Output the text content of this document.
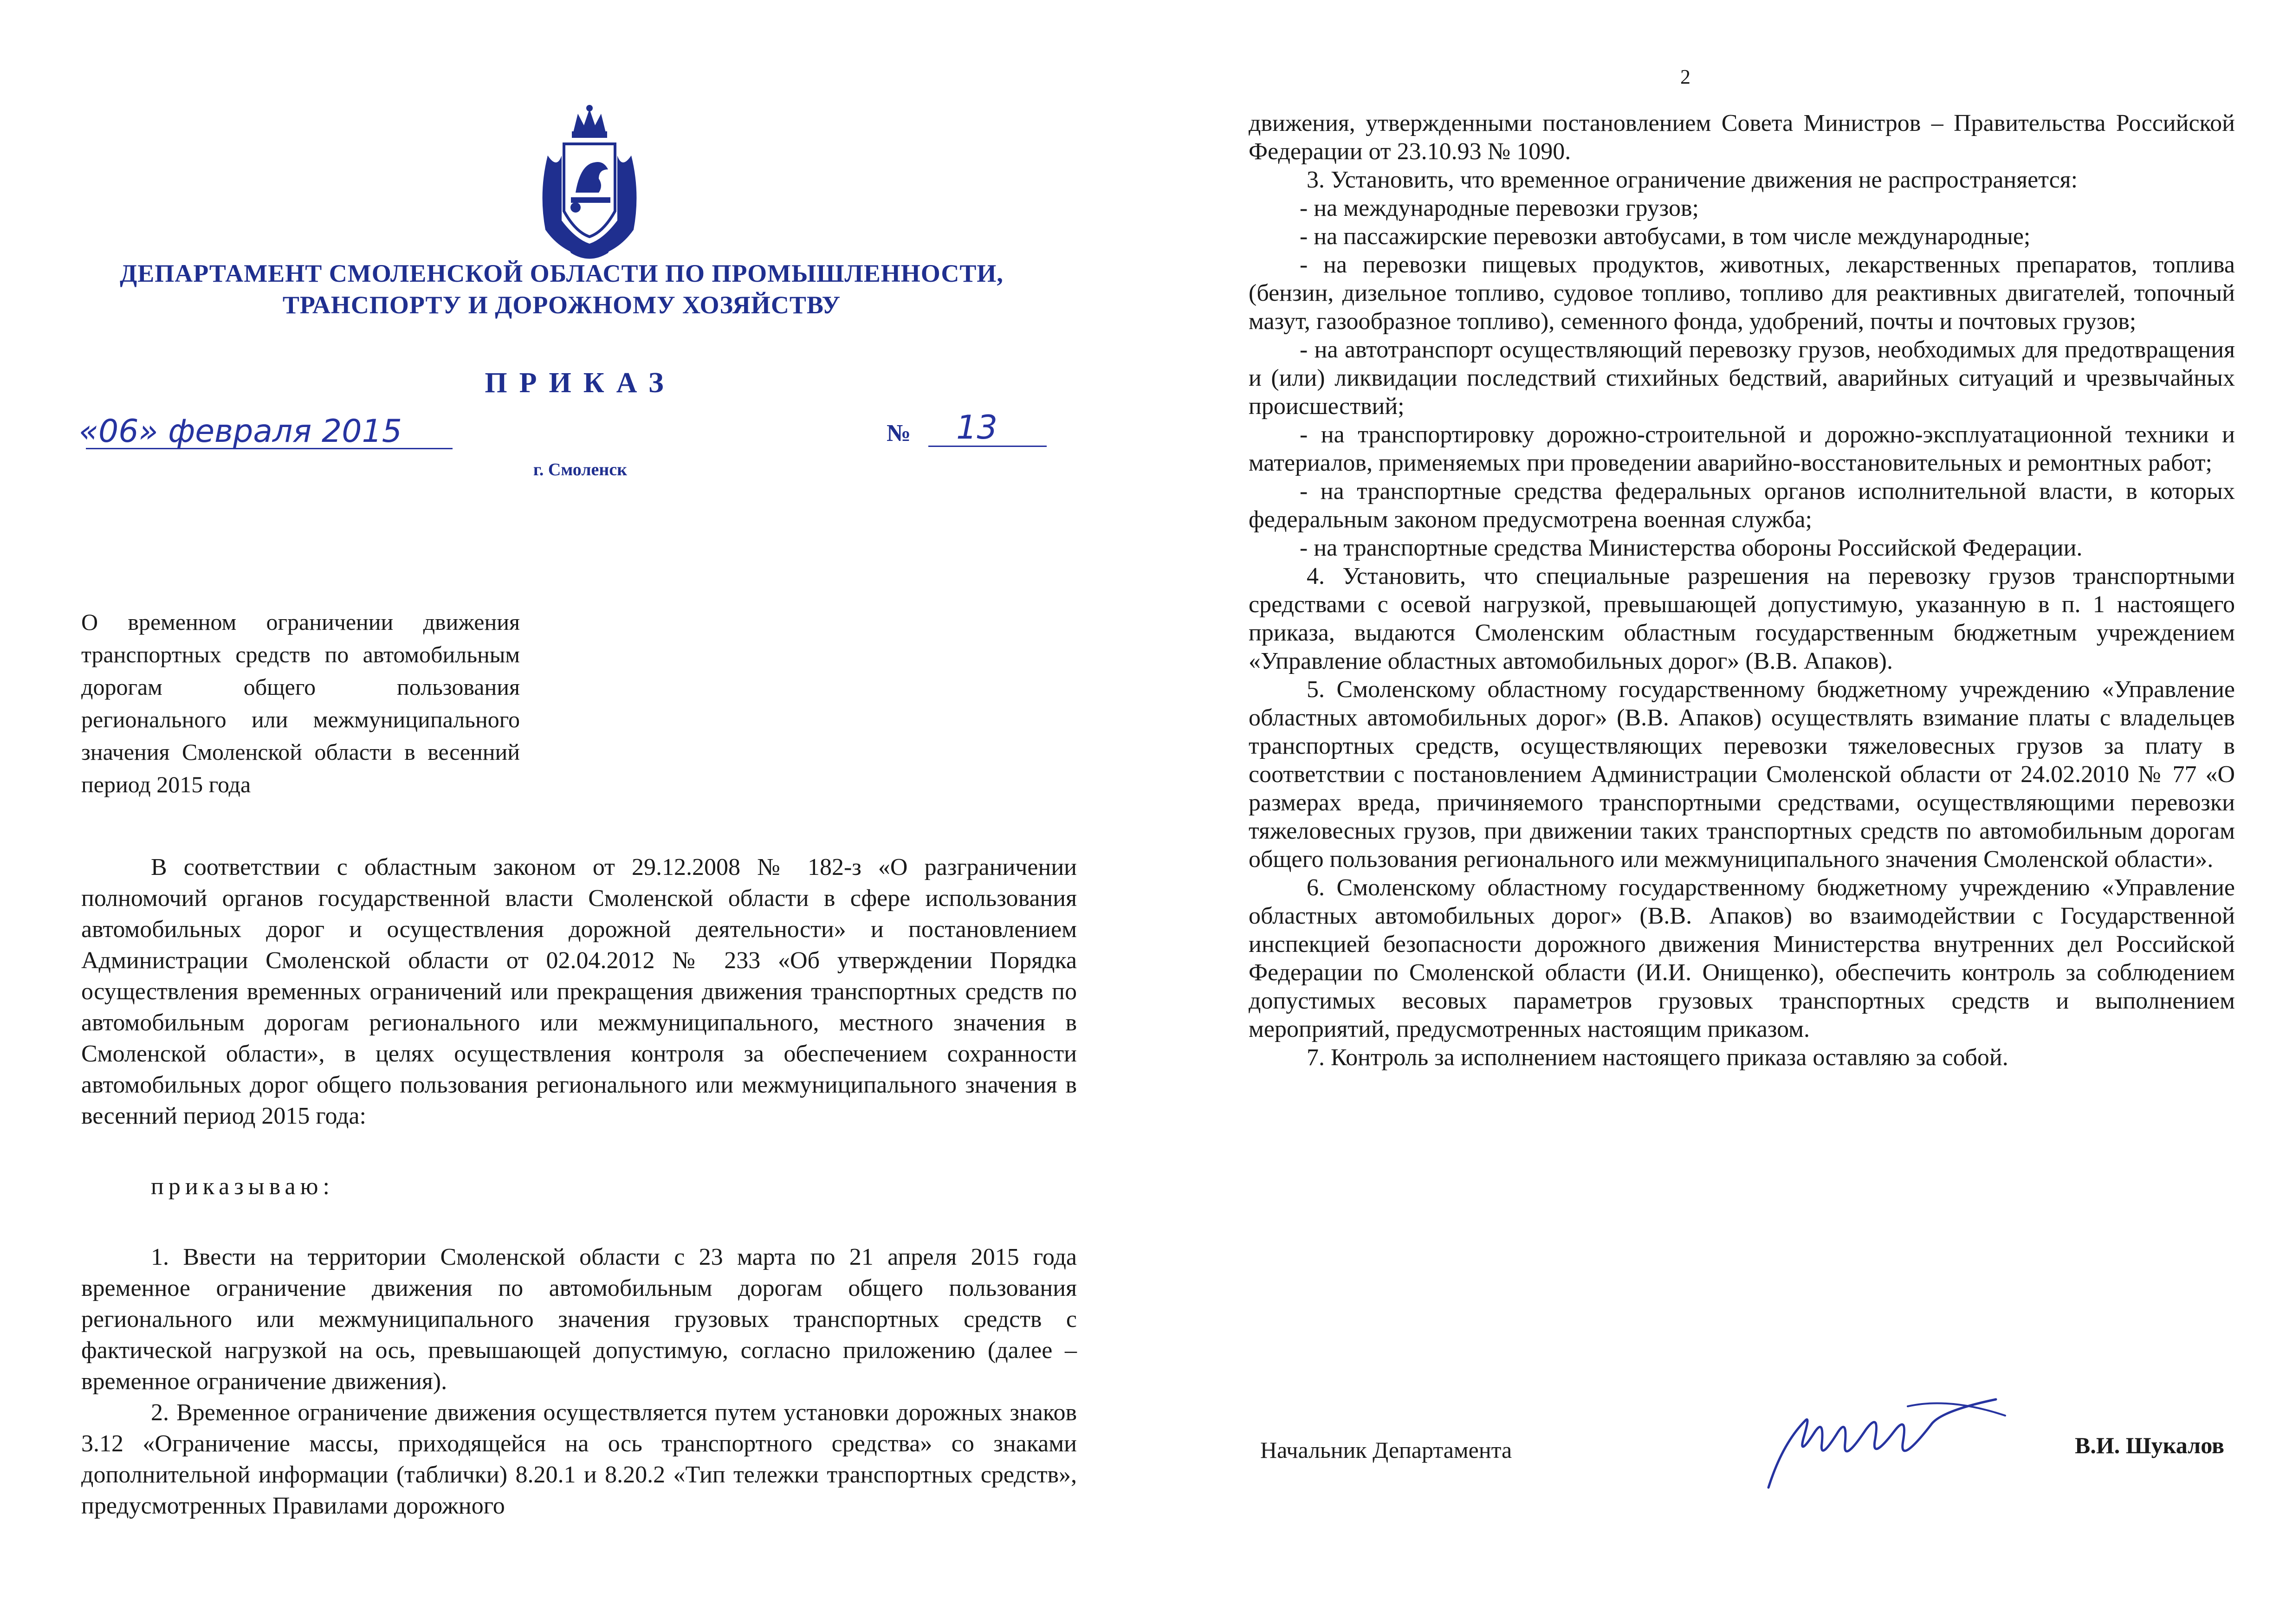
ДЕПАРТАМЕНТ СМОЛЕНСКОЙ ОБЛАСТИ ПО ПРОМЫШЛЕННОСТИ,
ТРАНСПОРТУ И ДОРОЖНОМУ ХОЗЯЙСТВУ
ПРИКАЗ
«06» февраля 2015	№ 13
г. Смоленск
О временном ограничении движения транспортных средств по автомобильным дорогам общего пользования регионального или межмуниципального значения Смоленской области в весенний период 2015 года

В соответствии с областным законом от 29.12.2008 № 182-з «О разграничении полномочий органов государственной власти Смоленской области в сфере использования автомобильных дорог и осуществления дорожной деятельности» и постановлением Администрации Смоленской области от 02.04.2012 № 233 «Об утверждении Порядка осуществления временных ограничений или прекращения движения транспортных средств по автомобильным дорогам регионального или межмуниципального, местного значения в Смоленской области», в целях осуществления контроля за обеспечением сохранности автомобильных дорог общего пользования регионального или межмуниципального значения в весенний период 2015 года:

приказываю:

1. Ввести на территории Смоленской области с 23 марта по 21 апреля 2015 года временное ограничение движения по автомобильным дорогам общего пользования регионального или межмуниципального значения грузовых транспортных средств с фактической нагрузкой на ось, превышающей допустимую, согласно приложению (далее – временное ограничение движения).

2. Временное ограничение движения осуществляется путем установки дорожных знаков 3.12 «Ограничение массы, приходящейся на ось транспортного средства» со знаками дополнительной информации (таблички) 8.20.1 и 8.20.2 «Тип тележки транспортных средств», предусмотренных Правилами дорожного

2

движения, утвержденными постановлением Совета Министров – Правительства Российской Федерации от 23.10.93 № 1090.

3. Установить, что временное ограничение движения не распространяется:

- на международные перевозки грузов;

- на пассажирские перевозки автобусами, в том числе международные;

- на перевозки пищевых продуктов, животных, лекарственных препаратов, топлива (бензин, дизельное топливо, судовое топливо, топливо для реактивных двигателей, топочный мазут, газообразное топливо), семенного фонда, удобрений, почты и почтовых грузов;

- на автотранспорт осуществляющий перевозку грузов, необходимых для предотвращения и (или) ликвидации последствий стихийных бедствий, аварийных ситуаций и чрезвычайных происшествий;

- на транспортировку дорожно-строительной и дорожно-эксплуатационной техники и материалов, применяемых при проведении аварийно-восстановительных и ремонтных работ;

- на транспортные средства федеральных органов исполнительной власти, в которых федеральным законом предусмотрена военная служба;

- на транспортные средства Министерства обороны Российской Федерации.

4. Установить, что специальные разрешения на перевозку грузов транспортными средствами с осевой нагрузкой, превышающей допустимую, указанную в п. 1 настоящего приказа, выдаются Смоленским областным государственным бюджетным учреждением «Управление областных автомобильных дорог» (В.В. Апаков).

5. Смоленскому областному государственному бюджетному учреждению «Управление областных автомобильных дорог» (В.В. Апаков) осуществлять взимание платы с владельцев транспортных средств, осуществляющих перевозки тяжеловесных грузов за плату в соответствии с постановлением Администрации Смоленской области от 24.02.2010 № 77 «О размерах вреда, причиняемого транспортными средствами, осуществляющими перевозки тяжеловесных грузов, при движении таких транспортных средств по автомобильным дорогам общего пользования регионального или межмуниципального значения Смоленской области».

6. Смоленскому областному государственному бюджетному учреждению «Управление областных автомобильных дорог» (В.В. Апаков) во взаимодействии с Государственной инспекцией безопасности дорожного движения Министерства внутренних дел Российской Федерации по Смоленской области (И.И. Онищенко), обеспечить контроль за соблюдением допустимых весовых параметров грузовых транспортных средств и выполнением мероприятий, предусмотренных настоящим приказом.

7. Контроль за исполнением настоящего приказа оставляю за собой.

Начальник Департамента	В.И. Шукалов
